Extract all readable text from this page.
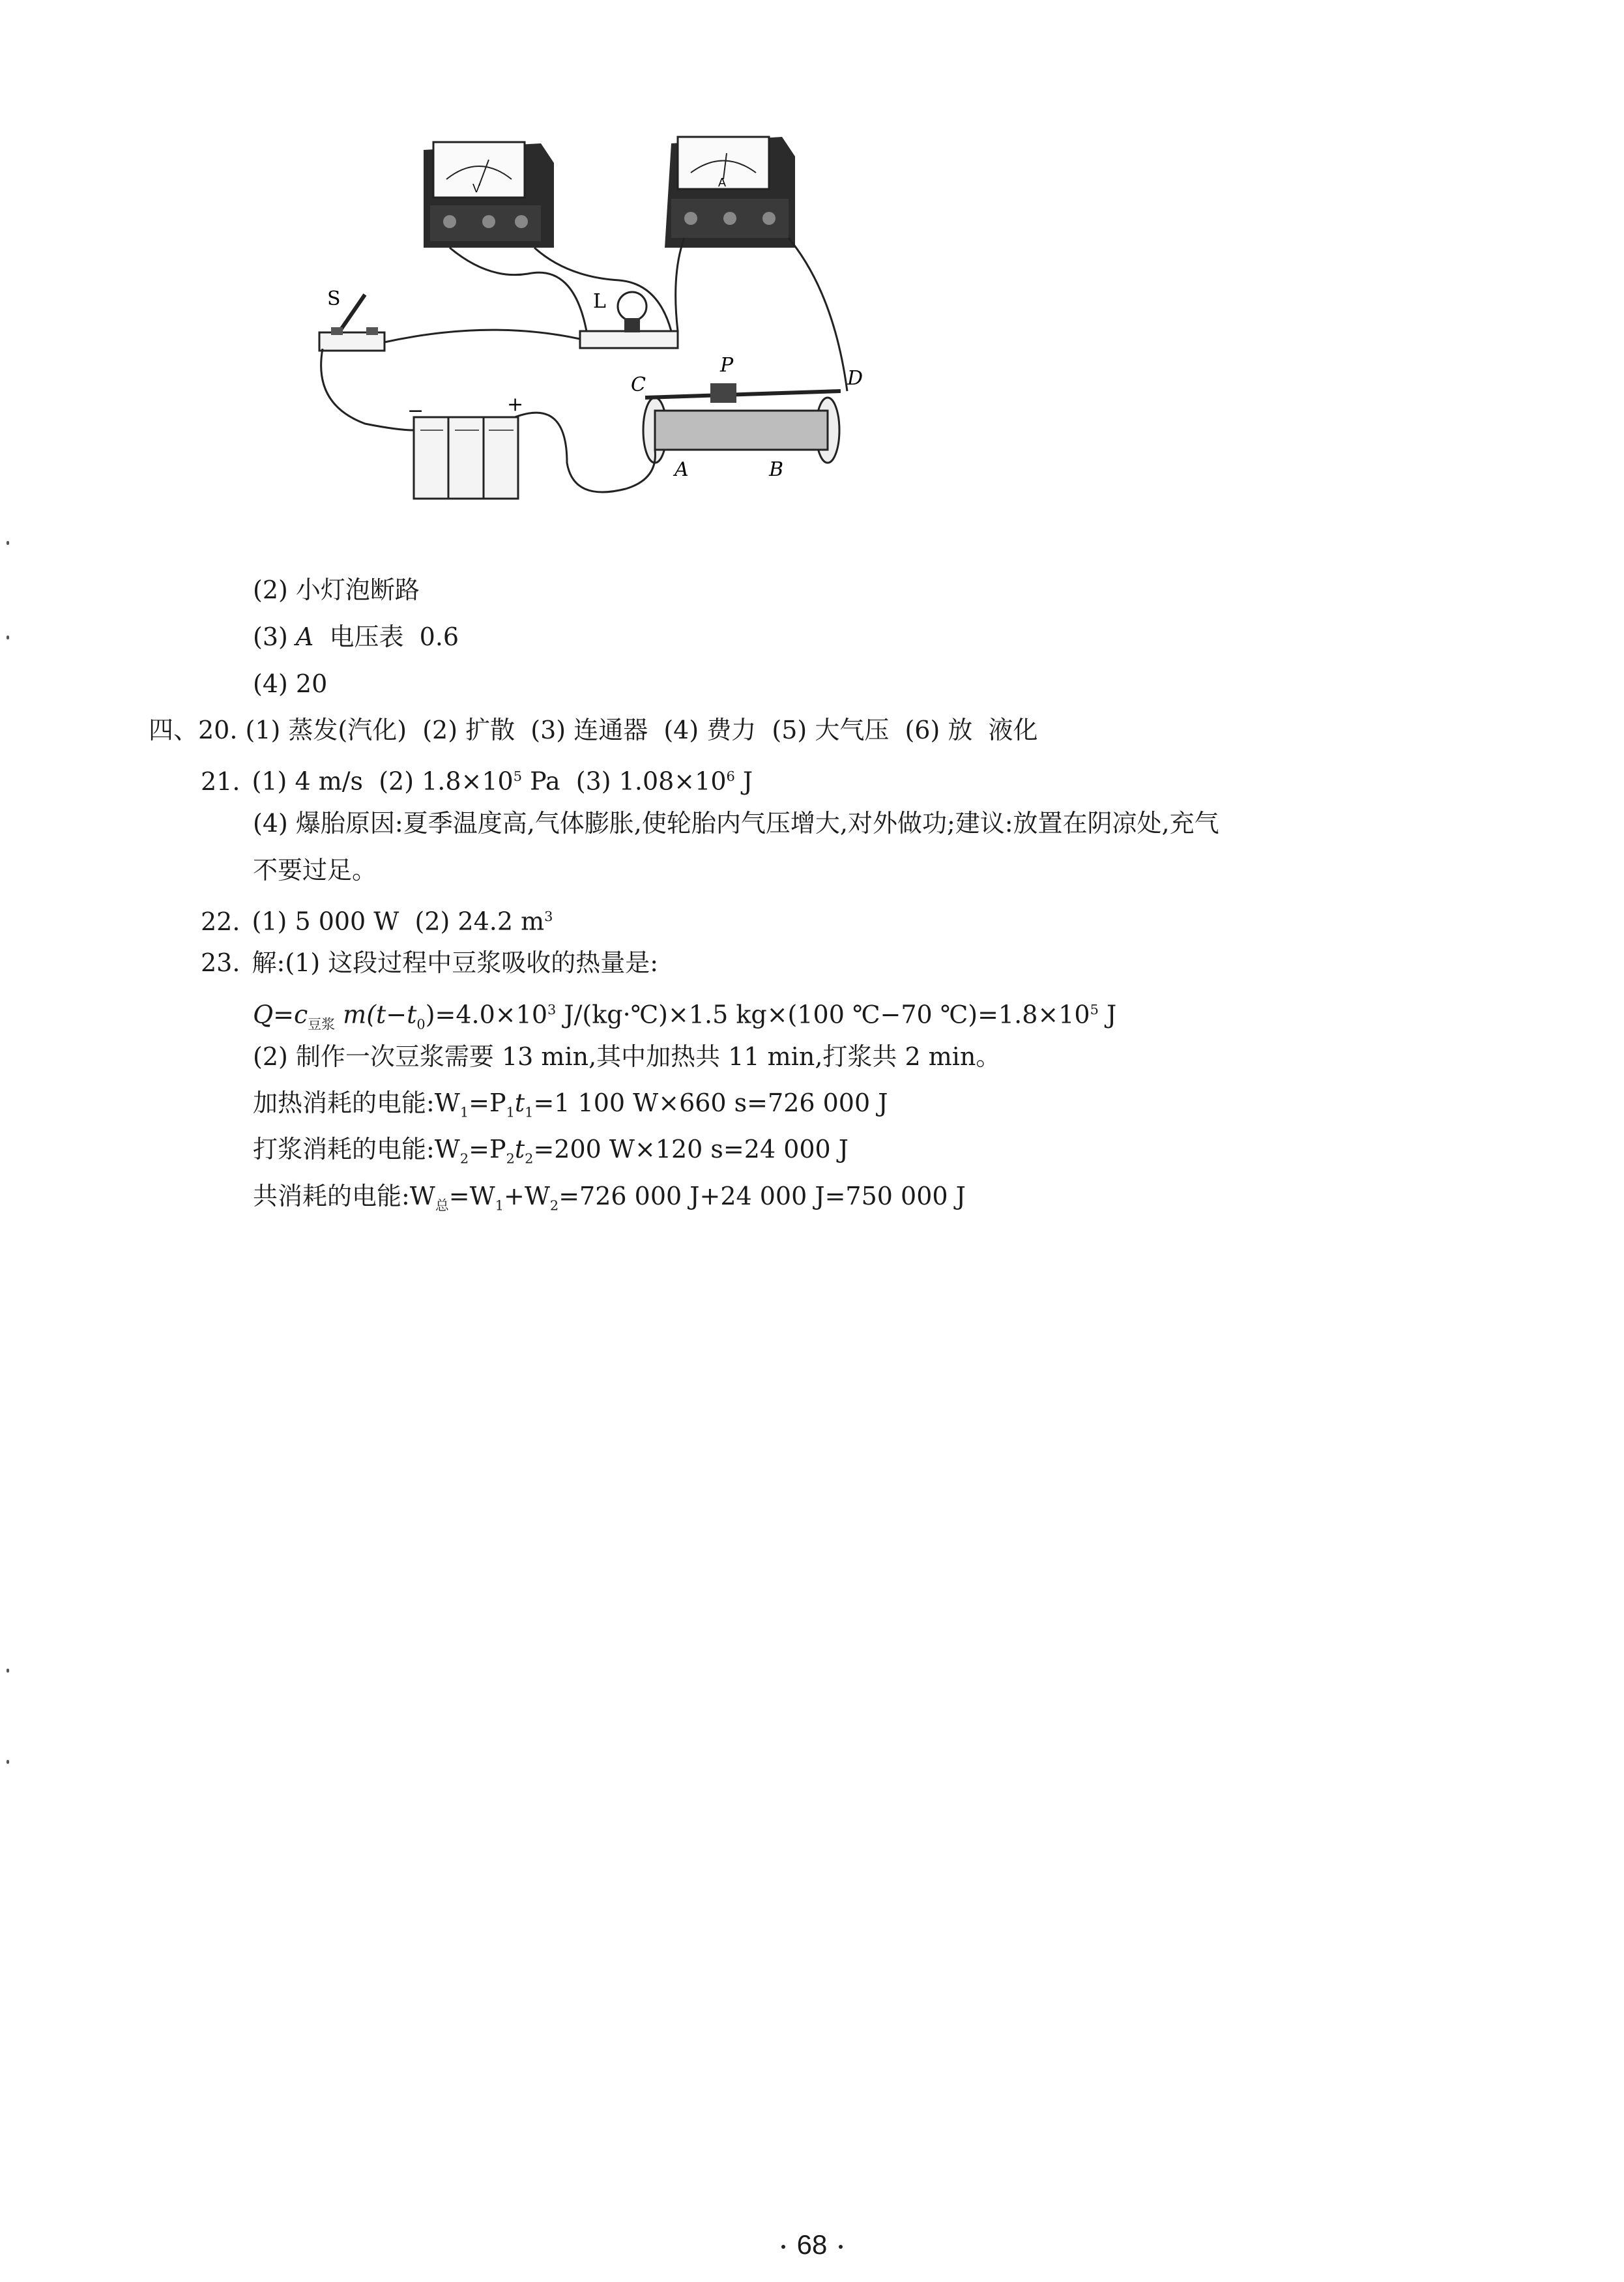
V	A
S	L
−	+
C
P
D
A	B
(2) 小灯泡断路
(3) A  电压表  0.6
(4) 20
四、20. (1) 蒸发(汽化)  (2) 扩散  (3) 连通器  (4) 费力  (5) 大气压  (6) 放  液化
21. (1) 4 m/s  (2) $1.8\times 10^5$ Pa  (3) $1.08\times 10^6$ J
(4) 爆胎原因:夏季温度高,气体膨胀,使轮胎内气压增大,对外做功;建议:放置在阴凉处,充气
不要过足。
22. (1) 5 000 W  (2) 24.2 $m^3$
23. 解:(1) 这段过程中豆浆吸收的热量是:
$Q=c_{豆浆}$ $m(t-t_0)=4.0\times 10^3$ J/(kg·℃)×1.5 kg×(100 ℃−70 $℃)=1.8\times 10^5$ J
(2) 制作一次豆浆需要 13 min,其中加热共 11 min,打浆共 2 min。
加热消耗的电能$:W_1=P_1t_1=1$ 100 W×660 s=726 000 J
打浆消耗的电能$:W_2=P_2t_2=200$ W×120 s=24 000 J
共消耗的电能$:W_总=W_1+W_2=726$ 000 J+24 000 J=750 000 J
68
